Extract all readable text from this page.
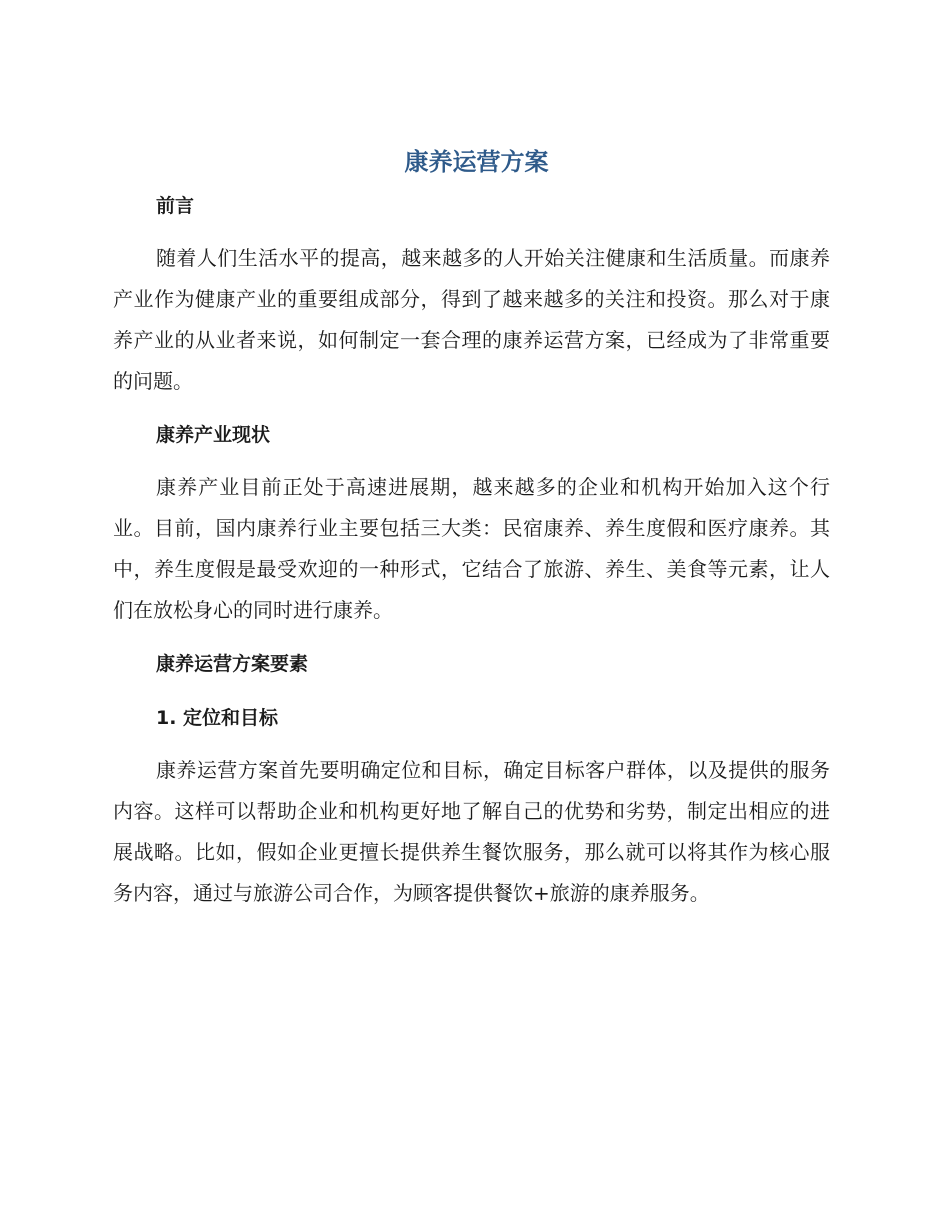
康养运营方案
前言

随着人们生活水平的提高，越来越多的人开始关注健康和生活质量。而康养产业作为健康产业的重要组成部分，得到了越来越多的关注和投资。那么对于康养产业的从业者来说，如何制定一套合理的康养运营方案，已经成为了非常重要的问题。

康养产业现状

康养产业目前正处于高速进展期，越来越多的企业和机构开始加入这个行业。目前，国内康养行业主要包括三大类：民宿康养、养生度假和医疗康养。其中，养生度假是最受欢迎的一种形式，它结合了旅游、养生、美食等元素，让人们在放松身心的同时进行康养。

康养运营方案要素
1. 定位和目标

康养运营方案首先要明确定位和目标，确定目标客户群体，以及提供的服务内容。这样可以帮助企业和机构更好地了解自己的优势和劣势，制定出相应的进展战略。比如，假如企业更擅长提供养生餐饮服务，那么就可以将其作为核心服务内容，通过与旅游公司合作，为顾客提供餐饮+旅游的康养服务。
